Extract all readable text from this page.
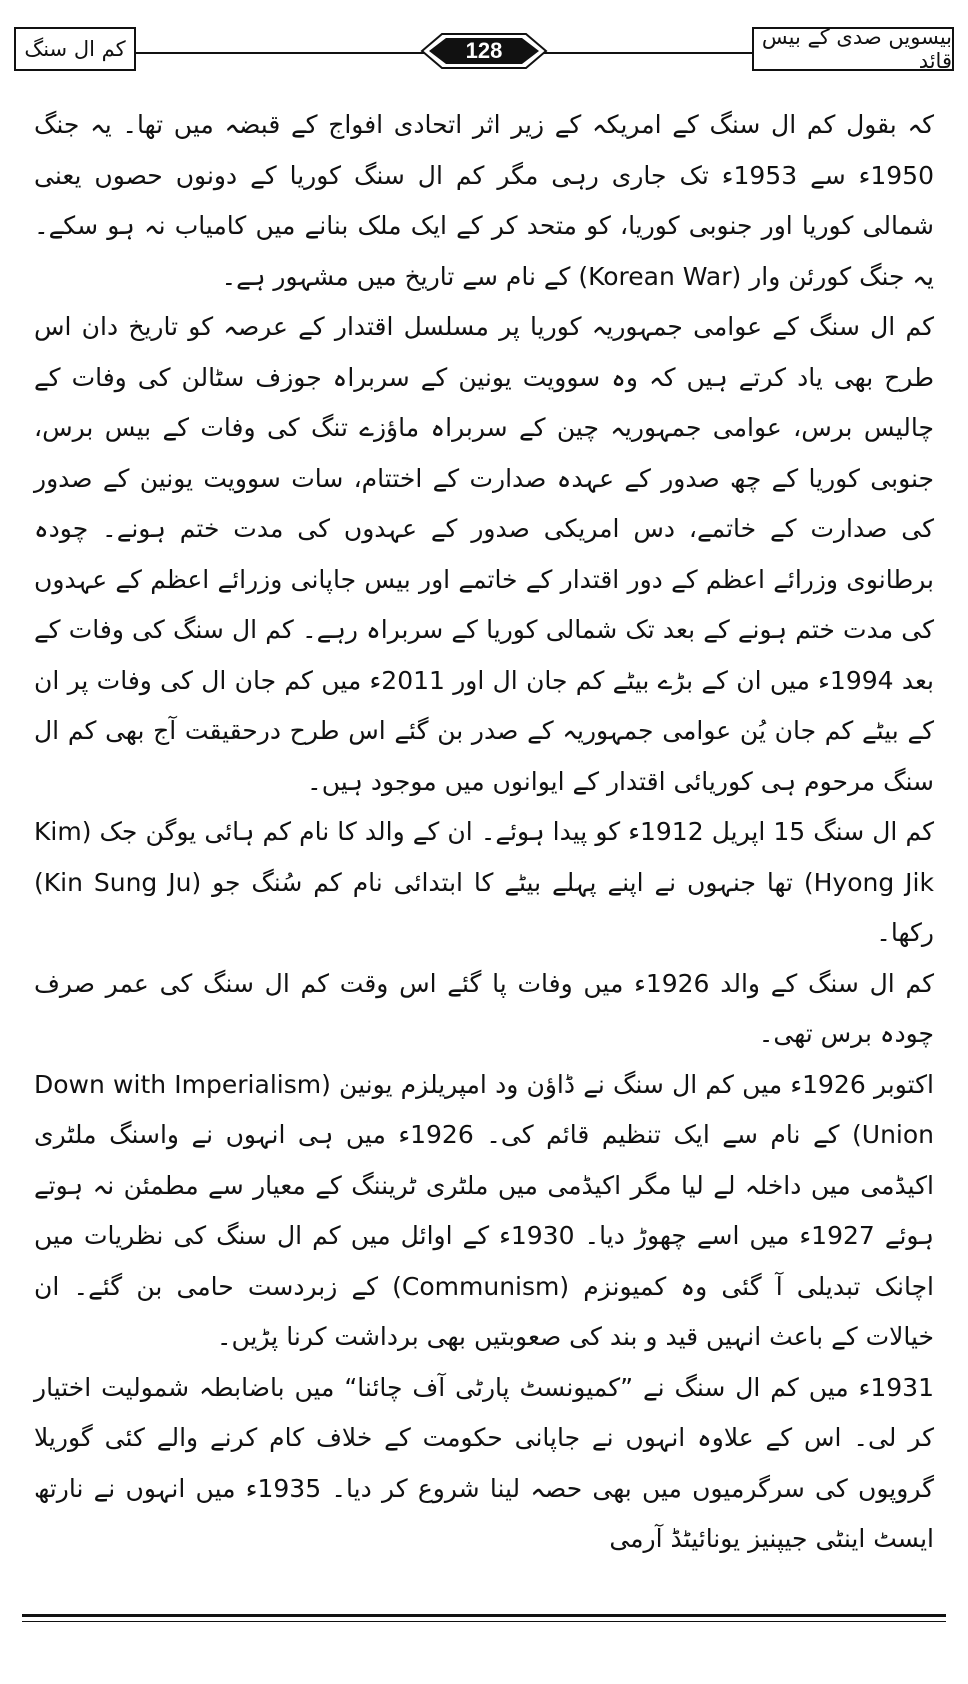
بیسویں صدی کے بیس قائد
128
کم ال سنگ

کہ بقول کم ال سنگ کے امریکہ کے زیر اثر اتحادی افواج کے قبضہ میں تھا۔ یہ جنگ 1950ء سے 1953ء تک جاری رہی مگر کم ال سنگ کوریا کے دونوں حصوں یعنی شمالی کوریا اور جنوبی کوریا، کو متحد کر کے ایک ملک بنانے میں کامیاب نہ ہو سکے۔ یہ جنگ کورئن وار (Korean War) کے نام سے تاریخ میں مشہور ہے۔

کم ال سنگ کے عوامی جمہوریہ کوریا پر مسلسل اقتدار کے عرصہ کو تاریخ دان اس طرح بھی یاد کرتے ہیں کہ وہ سوویت یونین کے سربراہ جوزف سٹالن کی وفات کے چالیس برس، عوامی جمہوریہ چین کے سربراہ ماؤزے تنگ کی وفات کے بیس برس، جنوبی کوریا کے چھ صدور کے عہدہ صدارت کے اختتام، سات سوویت یونین کے صدور کی صدارت کے خاتمے، دس امریکی صدور کے عہدوں کی مدت ختم ہونے۔ چودہ برطانوی وزرائے اعظم کے دور اقتدار کے خاتمے اور بیس جاپانی وزرائے اعظم کے عہدوں کی مدت ختم ہونے کے بعد تک شمالی کوریا کے سربراہ رہے۔ کم ال سنگ کی وفات کے بعد 1994ء میں ان کے بڑے بیٹے کم جان ال اور 2011ء میں کم جان ال کی وفات پر ان کے بیٹے کم جان یُن عوامی جمہوریہ کے صدر بن گئے اس طرح درحقیقت آج بھی کم ال سنگ مرحوم ہی کوریائی اقتدار کے ایوانوں میں موجود ہیں۔

کم ال سنگ 15 اپریل 1912ء کو پیدا ہوئے۔ ان کے والد کا نام کم ہائی یوگن جک (Kim Hyong Jik) تھا جنہوں نے اپنے پہلے بیٹے کا ابتدائی نام کم سُنگ جو (Kin Sung Ju) رکھا۔

کم ال سنگ کے والد 1926ء میں وفات پا گئے اس وقت کم ال سنگ کی عمر صرف چودہ برس تھی۔

اکتوبر 1926ء میں کم ال سنگ نے ڈاؤن ود امپریلزم یونین (Down with Imperialism Union) کے نام سے ایک تنظیم قائم کی۔ 1926ء میں ہی انہوں نے واسنگ ملٹری اکیڈمی میں داخلہ لے لیا مگر اکیڈمی میں ملٹری ٹریننگ کے معیار سے مطمئن نہ ہوتے ہوئے 1927ء میں اسے چھوڑ دیا۔ 1930ء کے اوائل میں کم ال سنگ کی نظریات میں اچانک تبدیلی آ گئی وہ کمیونزم (Communism) کے زبردست حامی بن گئے۔ ان خیالات کے باعث انہیں قید و بند کی صعوبتیں بھی برداشت کرنا پڑیں۔

1931ء میں کم ال سنگ نے ”کمیونسٹ پارٹی آف چائنا“ میں باضابطہ شمولیت اختیار کر لی۔ اس کے علاوہ انہوں نے جاپانی حکومت کے خلاف کام کرنے والے کئی گوریلا گروپوں کی سرگرمیوں میں بھی حصہ لینا شروع کر دیا۔ 1935ء میں انہوں نے نارتھ ایسٹ اینٹی جیپنیز یونائیٹڈ آرمی
